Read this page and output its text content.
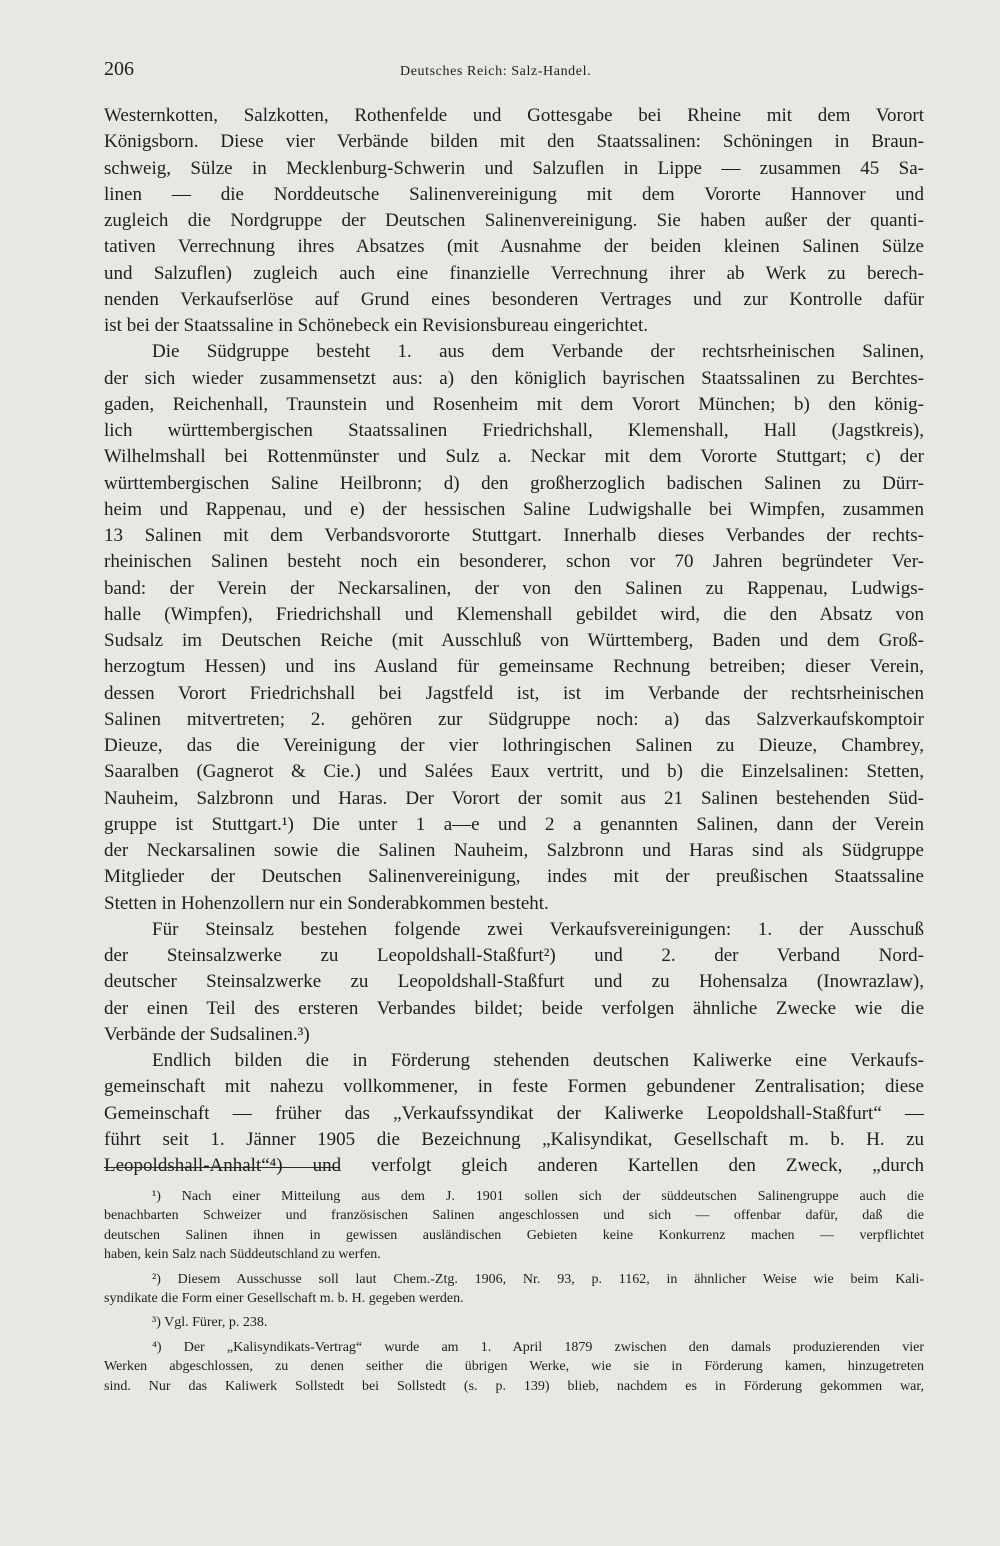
206	Deutsches Reich: Salz-Handel.
Westernkotten, Salzkotten, Rothenfelde und Gottesgabe bei Rheine mit dem Vorort
Königsborn. Diese vier Verbände bilden mit den Staatssalinen: Schöningen in Braun-
schweig, Sülze in Mecklenburg-Schwerin und Salzuflen in Lippe — zusammen 45 Sa-
linen — die Norddeutsche Salinenvereinigung mit dem Vororte Hannover und
zugleich die Nordgruppe der Deutschen Salinenvereinigung. Sie haben außer der quanti-
tativen Verrechnung ihres Absatzes (mit Ausnahme der beiden kleinen Salinen Sülze
und Salzuflen) zugleich auch eine finanzielle Verrechnung ihrer ab Werk zu berech-
nenden Verkaufserlöse auf Grund eines besonderen Vertrages und zur Kontrolle dafür
ist bei der Staatssaline in Schönebeck ein Revisionsbureau eingerichtet.
Die Südgruppe besteht 1. aus dem Verbande der rechtsrheinischen Salinen,
der sich wieder zusammensetzt aus: a) den königlich bayrischen Staatssalinen zu Berchtes-
gaden, Reichenhall, Traunstein und Rosenheim mit dem Vorort München; b) den könig-
lich württembergischen Staatssalinen Friedrichshall, Klemenshall, Hall (Jagstkreis),
Wilhelmshall bei Rottenmünster und Sulz a. Neckar mit dem Vororte Stuttgart; c) der
württembergischen Saline Heilbronn; d) den großherzoglich badischen Salinen zu Dürr-
heim und Rappenau, und e) der hessischen Saline Ludwigshalle bei Wimpfen, zusammen
13 Salinen mit dem Verbandsvororte Stuttgart. Innerhalb dieses Verbandes der rechts-
rheinischen Salinen besteht noch ein besonderer, schon vor 70 Jahren begründeter Ver-
band: der Verein der Neckarsalinen, der von den Salinen zu Rappenau, Ludwigs-
halle (Wimpfen), Friedrichshall und Klemenshall gebildet wird, die den Absatz von
Sudsalz im Deutschen Reiche (mit Ausschluß von Württemberg, Baden und dem Groß-
herzogtum Hessen) und ins Ausland für gemeinsame Rechnung betreiben; dieser Verein,
dessen Vorort Friedrichshall bei Jagstfeld ist, ist im Verbande der rechtsrheinischen
Salinen mitvertreten; 2. gehören zur Südgruppe noch: a) das Salzverkaufskomptoir
Dieuze, das die Vereinigung der vier lothringischen Salinen zu Dieuze, Chambrey,
Saaralben (Gagnerot & Cie.) und Salées Eaux vertritt, und b) die Einzelsalinen: Stetten,
Nauheim, Salzbronn und Haras. Der Vorort der somit aus 21 Salinen bestehenden Süd-
gruppe ist Stuttgart.¹) Die unter 1 a—e und 2 a genannten Salinen, dann der Verein
der Neckarsalinen sowie die Salinen Nauheim, Salzbronn und Haras sind als Südgruppe
Mitglieder der Deutschen Salinenvereinigung, indes mit der preußischen Staatssaline
Stetten in Hohenzollern nur ein Sonderabkommen besteht.
Für Steinsalz bestehen folgende zwei Verkaufsvereinigungen: 1. der Ausschuß
der Steinsalzwerke zu Leopoldshall-Staßfurt²) und 2. der Verband Nord-
deutscher Steinsalzwerke zu Leopoldshall-Staßfurt und zu Hohensalza (Inowrazlaw),
der einen Teil des ersteren Verbandes bildet; beide verfolgen ähnliche Zwecke wie die
Verbände der Sudsalinen.³)
Endlich bilden die in Förderung stehenden deutschen Kaliwerke eine Verkaufs-
gemeinschaft mit nahezu vollkommener, in feste Formen gebundener Zentralisation; diese
Gemeinschaft — früher das „Verkaufssyndikat der Kaliwerke Leopoldshall-Staßfurt“ —
führt seit 1. Jänner 1905 die Bezeichnung „Kalisyndikat, Gesellschaft m. b. H. zu
Leopoldshall-Anhalt“⁴) und verfolgt gleich anderen Kartellen den Zweck, „durch
¹) Nach einer Mitteilung aus dem J. 1901 sollen sich der süddeutschen Salinengruppe auch die
benachbarten Schweizer und französischen Salinen angeschlossen und sich — offenbar dafür, daß die
deutschen Salinen ihnen in gewissen ausländischen Gebieten keine Konkurrenz machen — verpflichtet
haben, kein Salz nach Süddeutschland zu werfen.
²) Diesem Ausschusse soll laut Chem.-Ztg. 1906, Nr. 93, p. 1162, in ähnlicher Weise wie beim Kali-
syndikate die Form einer Gesellschaft m. b. H. gegeben werden.
³) Vgl. Fürer, p. 238.
⁴) Der „Kalisyndikats-Vertrag“ wurde am 1. April 1879 zwischen den damals produzierenden vier
Werken abgeschlossen, zu denen seither die übrigen Werke, wie sie in Förderung kamen, hinzugetreten
sind. Nur das Kaliwerk Sollstedt bei Sollstedt (s. p. 139) blieb, nachdem es in Förderung gekommen war,
